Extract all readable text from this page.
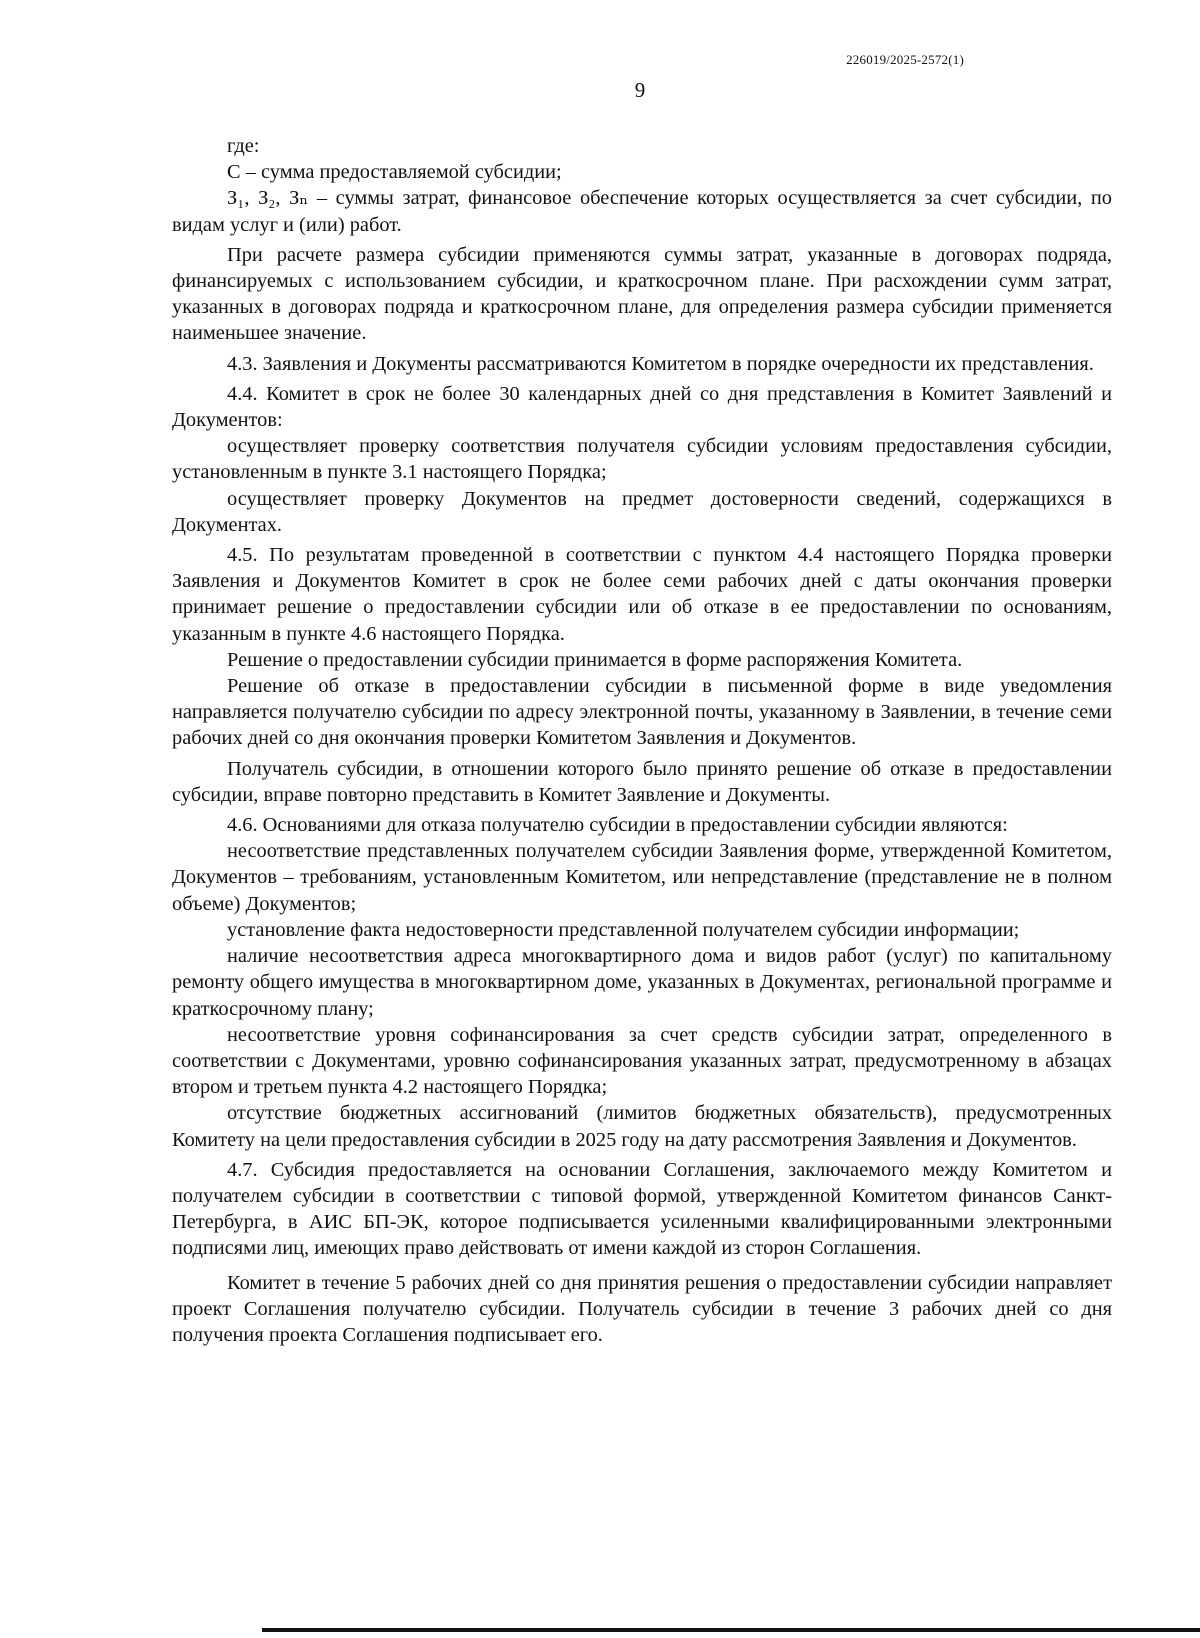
226019/2025-2572(1)
9

где:

С – сумма предоставляемой субсидии;

З₁, З₂, Зₙ – суммы затрат, финансовое обеспечение которых осуществляется за счет субсидии, по видам услуг и (или) работ.

При расчете размера субсидии применяются суммы затрат, указанные в договорах подряда, финансируемых с использованием субсидии, и краткосрочном плане. При расхождении сумм затрат, указанных в договорах подряда и краткосрочном плане, для определения размера субсидии применяется наименьшее значение.

4.3. Заявления и Документы рассматриваются Комитетом в порядке очередности их представления.

4.4. Комитет в срок не более 30 календарных дней со дня представления в Комитет Заявлений и Документов:

осуществляет проверку соответствия получателя субсидии условиям предоставления субсидии, установленным в пункте 3.1 настоящего Порядка;

осуществляет проверку Документов на предмет достоверности сведений, содержащихся в Документах.

4.5. По результатам проведенной в соответствии с пунктом 4.4 настоящего Порядка проверки Заявления и Документов Комитет в срок не более семи рабочих дней с даты окончания проверки принимает решение о предоставлении субсидии или об отказе в ее предоставлении по основаниям, указанным в пункте 4.6 настоящего Порядка.

Решение о предоставлении субсидии принимается в форме распоряжения Комитета.

Решение об отказе в предоставлении субсидии в письменной форме в виде уведомления направляется получателю субсидии по адресу электронной почты, указанному в Заявлении, в течение семи рабочих дней со дня окончания проверки Комитетом Заявления и Документов.

Получатель субсидии, в отношении которого было принято решение об отказе в предоставлении субсидии, вправе повторно представить в Комитет Заявление и Документы.

4.6. Основаниями для отказа получателю субсидии в предоставлении субсидии являются:

несоответствие представленных получателем субсидии Заявления форме, утвержденной Комитетом, Документов – требованиям, установленным Комитетом, или непредставление (представление не в полном объеме) Документов;

установление факта недостоверности представленной получателем субсидии информации;

наличие несоответствия адреса многоквартирного дома и видов работ (услуг) по капитальному ремонту общего имущества в многоквартирном доме, указанных в Документах, региональной программе и краткосрочному плану;

несоответствие уровня софинансирования за счет средств субсидии затрат, определенного в соответствии с Документами, уровню софинансирования указанных затрат, предусмотренному в абзацах втором и третьем пункта 4.2 настоящего Порядка;

отсутствие бюджетных ассигнований (лимитов бюджетных обязательств), предусмотренных Комитету на цели предоставления субсидии в 2025 году на дату рассмотрения Заявления и Документов.

4.7. Субсидия предоставляется на основании Соглашения, заключаемого между Комитетом и получателем субсидии в соответствии с типовой формой, утвержденной Комитетом финансов Санкт-Петербурга, в АИС БП-ЭК, которое подписывается усиленными квалифицированными электронными подписями лиц, имеющих право действовать от имени каждой из сторон Соглашения.

Комитет в течение 5 рабочих дней со дня принятия решения о предоставлении субсидии направляет проект Соглашения получателю субсидии. Получатель субсидии в течение 3 рабочих дней со дня получения проекта Соглашения подписывает его.
